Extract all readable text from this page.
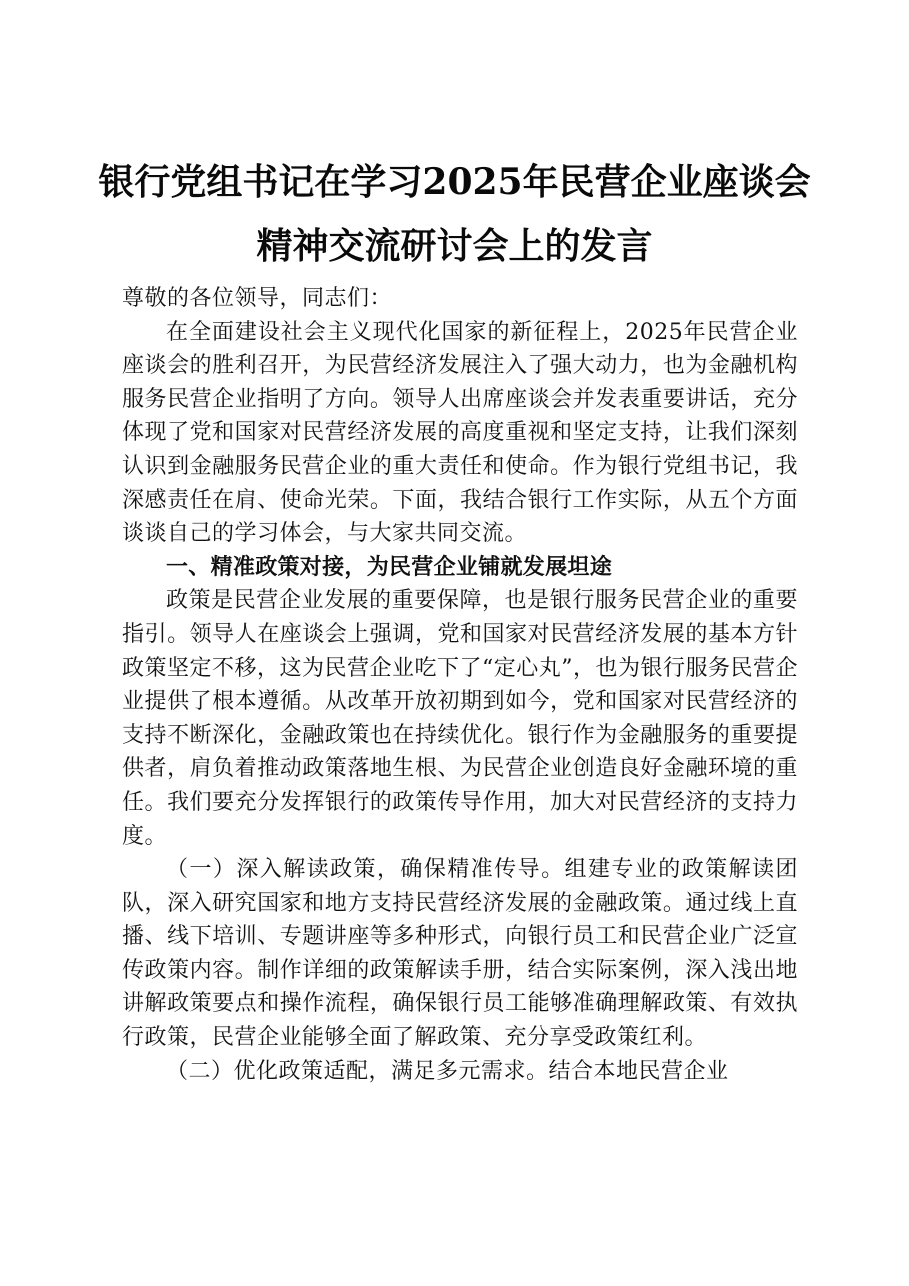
银行党组书记在学习2025年民营企业座谈会
精神交流研讨会上的发言

尊敬的各位领导，同志们：

在全面建设社会主义现代化国家的新征程上，2025年民营企业座谈会的胜利召开，为民营经济发展注入了强大动力，也为金融机构服务民营企业指明了方向。领导人出席座谈会并发表重要讲话，充分体现了党和国家对民营经济发展的高度重视和坚定支持，让我们深刻认识到金融服务民营企业的重大责任和使命。作为银行党组书记，我深感责任在肩、使命光荣。下面，我结合银行工作实际，从五个方面谈谈自己的学习体会，与大家共同交流。

一、精准政策对接，为民营企业铺就发展坦途

政策是民营企业发展的重要保障，也是银行服务民营企业的重要指引。领导人在座谈会上强调，党和国家对民营经济发展的基本方针政策坚定不移，这为民营企业吃下了“定心丸”，也为银行服务民营企业提供了根本遵循。从改革开放初期到如今，党和国家对民营经济的支持不断深化，金融政策也在持续优化。银行作为金融服务的重要提供者，肩负着推动政策落地生根、为民营企业创造良好金融环境的重任。我们要充分发挥银行的政策传导作用，加大对民营经济的支持力度。

（一）深入解读政策，确保精准传导。组建专业的政策解读团队，深入研究国家和地方支持民营经济发展的金融政策。通过线上直播、线下培训、专题讲座等多种形式，向银行员工和民营企业广泛宣传政策内容。制作详细的政策解读手册，结合实际案例，深入浅出地讲解政策要点和操作流程，确保银行员工能够准确理解政策、有效执行政策，民营企业能够全面了解政策、充分享受政策红利。

（二）优化政策适配，满足多元需求。结合本地民营企业
